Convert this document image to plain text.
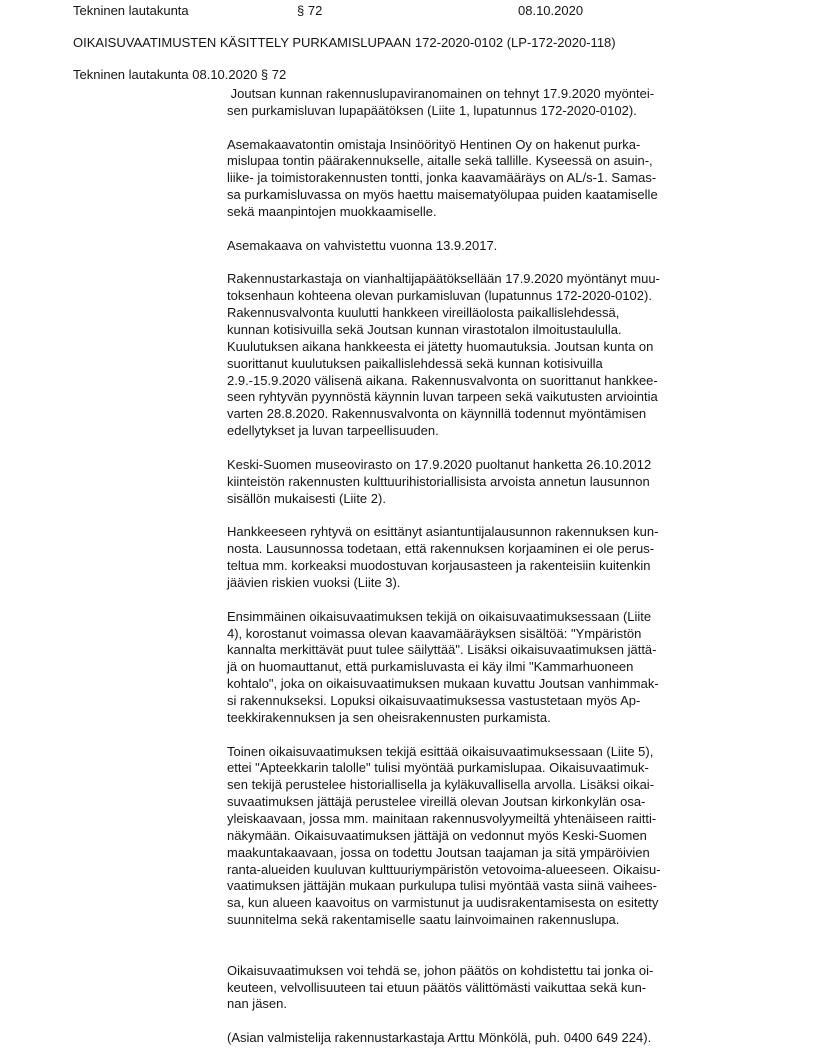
Tekninen lautakunta	§ 72	08.10.2020
OIKAISUVAATIMUSTEN KÄSITTELY PURKAMISLUPAAN 172-2020-0102 (LP-172-2020-118)
Tekninen lautakunta 08.10.2020 § 72

Joutsan kunnan rakennuslupaviranomainen on tehnyt 17.9.2020 myöntei-
sen purkamisluvan lupapäätöksen (Liite 1, lupatunnus 172-2020-0102).

Asemakaavatontin omistaja Insinöörityö Hentinen Oy on hakenut purka-
mislupaa tontin päärakennukselle, aitalle sekä tallille. Kyseessä on asuin-,
liike- ja toimistorakennusten tontti, jonka kaavamääräys on AL/s-1. Samas-
sa purkamisluvassa on myös haettu maisematyölupaa puiden kaatamiselle
sekä maanpintojen muokkaamiselle.

Asemakaava on vahvistettu vuonna 13.9.2017.

Rakennustarkastaja on vianhaltijapäätöksellään 17.9.2020 myöntänyt muu-
toksenhaun kohteena olevan purkamisluvan (lupatunnus 172-2020-0102).
Rakennusvalvonta kuulutti hankkeen vireilläolosta paikallislehdessä,
kunnan kotisivuilla sekä Joutsan kunnan virastotalon ilmoitustaululla.
Kuulutuksen aikana hankkeesta ei jätetty huomautuksia. Joutsan kunta on
suorittanut kuulutuksen paikallislehdessä sekä kunnan kotisivuilla
2.9.-15.9.2020 välisenä aikana. Rakennusvalvonta on suorittanut hankkee-
seen ryhtyvän pyynnöstä käynnin luvan tarpeen sekä vaikutusten arviointia
varten 28.8.2020. Rakennusvalvonta on käynnillä todennut myöntämisen
edellytykset ja luvan tarpeellisuuden.

Keski-Suomen museovirasto on 17.9.2020 puoltanut hanketta 26.10.2012
kiinteistön rakennusten kulttuurihistoriallisista arvoista annetun lausunnon
sisällön mukaisesti (Liite 2).

Hankkeeseen ryhtyvä on esittänyt asiantuntijalausunnon rakennuksen kun-
nosta. Lausunnossa todetaan, että rakennuksen korjaaminen ei ole perus-
teltua mm. korkeaksi muodostuvan korjausasteen ja rakenteisiin kuitenkin
jäävien riskien vuoksi (Liite 3).

Ensimmäinen oikaisuvaatimuksen tekijä on oikaisuvaatimuksessaan (Liite
4), korostanut voimassa olevan kaavamääräyksen sisältöä: "Ympäristön
kannalta merkittävät puut tulee säilyttää". Lisäksi oikaisuvaatimuksen jättä-
jä on huomauttanut, että purkamisluvasta ei käy ilmi "Kammarhuoneen
kohtalo", joka on oikaisuvaatimuksen mukaan kuvattu Joutsan vanhimmak-
si rakennukseksi. Lopuksi oikaisuvaatimuksessa vastustetaan myös Ap-
teekkirakennuksen ja sen oheisrakennusten purkamista.

Toinen oikaisuvaatimuksen tekijä esittää oikaisuvaatimuksessaan (Liite 5),
ettei "Apteekkarin talolle" tulisi myöntää purkamislupaa. Oikaisuvaatimuk-
sen tekijä perustelee historiallisella ja kyläkuvallisella arvolla. Lisäksi oikai-
suvaatimuksen jättäjä perustelee vireillä olevan Joutsan kirkonkylän osa-
yleiskaavaan, jossa mm. mainitaan rakennusvolyymeiltä yhtenäiseen raitti-
näkymään. Oikaisuvaatimuksen jättäjä on vedonnut myös Keski-Suomen
maakuntakaavaan, jossa on todettu Joutsan taajaman ja sitä ympäröivien
ranta-alueiden kuuluvan kulttuuriympäristön vetovoima-alueeseen. Oikaisu-
vaatimuksen jättäjän mukaan purkulupa tulisi myöntää vasta siinä vaihees-
sa, kun alueen kaavoitus on varmistunut ja uudisrakentamisesta on esitetty
suunnitelma sekä rakentamiselle saatu lainvoimainen rakennuslupa.

Oikaisuvaatimuksen voi tehdä se, johon päätös on kohdistettu tai jonka oi-
keuteen, velvollisuuteen tai etuun päätös välittömästi vaikuttaa sekä kun-
nan jäsen.

(Asian valmistelija rakennustarkastaja Arttu Mönkölä, puh. 0400 649 224).
